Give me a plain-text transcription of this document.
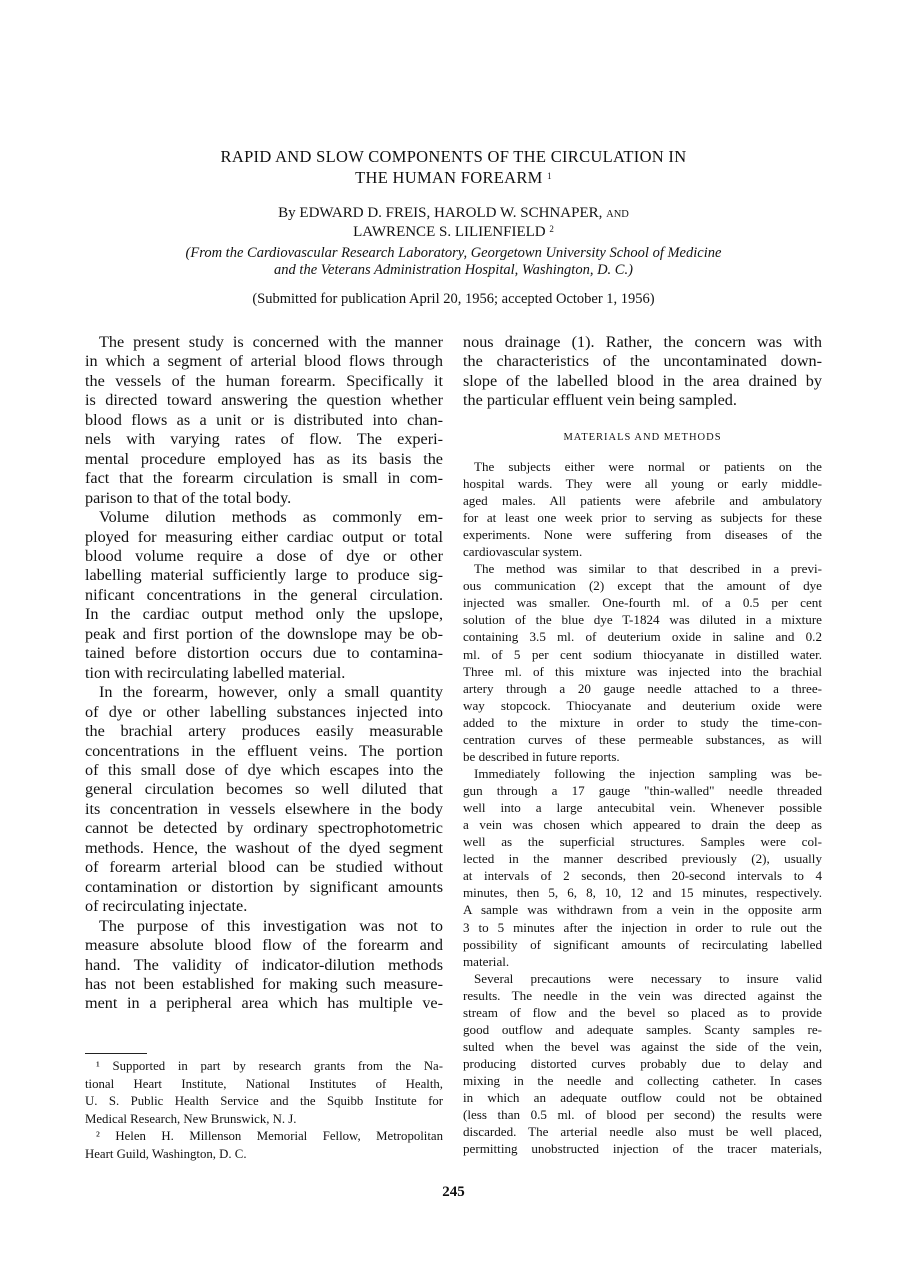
RAPID AND SLOW COMPONENTS OF THE CIRCULATION IN
THE HUMAN FOREARM $^1$
By EDWARD D. FREIS, HAROLD W. SCHNAPER, AND
LAWRENCE S. LILIENFIELD $^2$
(From the Cardiovascular Research Laboratory, Georgetown University School of Medicine
and the Veterans Administration Hospital, Washington, D. C.)
(Submitted for publication April 20, 1956; accepted October 1, 1956)
The present study is concerned with the manner
in which a segment of arterial blood flows through
the vessels of the human forearm. Specifically it
is directed toward answering the question whether
blood flows as a unit or is distributed into chan-
nels with varying rates of flow. The experi-
mental procedure employed has as its basis the
fact that the forearm circulation is small in com-
parison to that of the total body.
Volume dilution methods as commonly em-
ployed for measuring either cardiac output or total
blood volume require a dose of dye or other
labelling material sufficiently large to produce sig-
nificant concentrations in the general circulation.
In the cardiac output method only the upslope,
peak and first portion of the downslope may be ob-
tained before distortion occurs due to contamina-
tion with recirculating labelled material.
In the forearm, however, only a small quantity
of dye or other labelling substances injected into
the brachial artery produces easily measurable
concentrations in the effluent veins. The portion
of this small dose of dye which escapes into the
general circulation becomes so well diluted that
its concentration in vessels elsewhere in the body
cannot be detected by ordinary spectrophotometric
methods. Hence, the washout of the dyed segment
of forearm arterial blood can be studied without
contamination or distortion by significant amounts
of recirculating injectate.
The purpose of this investigation was not to
measure absolute blood flow of the forearm and
hand. The validity of indicator-dilution methods
has not been established for making such measure-
ment in a peripheral area which has multiple ve-
¹ Supported in part by research grants from the Na-
tional Heart Institute, National Institutes of Health,
U. S. Public Health Service and the Squibb Institute for
Medical Research, New Brunswick, N. J.
² Helen H. Millenson Memorial Fellow, Metropolitan
Heart Guild, Washington, D. C.
nous drainage (1). Rather, the concern was with
the characteristics of the uncontaminated down-
slope of the labelled blood in the area drained by
the particular effluent vein being sampled.
MATERIALS AND METHODS
The subjects either were normal or patients on the
hospital wards. They were all young or early middle-
aged males. All patients were afebrile and ambulatory
for at least one week prior to serving as subjects for these
experiments. None were suffering from diseases of the
cardiovascular system.
The method was similar to that described in a previ-
ous communication (2) except that the amount of dye
injected was smaller. One-fourth ml. of a 0.5 per cent
solution of the blue dye T-1824 was diluted in a mixture
containing 3.5 ml. of deuterium oxide in saline and 0.2
ml. of 5 per cent sodium thiocyanate in distilled water.
Three ml. of this mixture was injected into the brachial
artery through a 20 gauge needle attached to a three-
way stopcock. Thiocyanate and deuterium oxide were
added to the mixture in order to study the time-con-
centration curves of these permeable substances, as will
be described in future reports.
Immediately following the injection sampling was be-
gun through a 17 gauge "thin-walled" needle threaded
well into a large antecubital vein. Whenever possible
a vein was chosen which appeared to drain the deep as
well as the superficial structures. Samples were col-
lected in the manner described previously (2), usually
at intervals of 2 seconds, then 20-second intervals to 4
minutes, then 5, 6, 8, 10, 12 and 15 minutes, respectively.
A sample was withdrawn from a vein in the opposite arm
3 to 5 minutes after the injection in order to rule out the
possibility of significant amounts of recirculating labelled
material.
Several precautions were necessary to insure valid
results. The needle in the vein was directed against the
stream of flow and the bevel so placed as to provide
good outflow and adequate samples. Scanty samples re-
sulted when the bevel was against the side of the vein,
producing distorted curves probably due to delay and
mixing in the needle and collecting catheter. In cases
in which an adequate outflow could not be obtained
(less than 0.5 ml. of blood per second) the results were
discarded. The arterial needle also must be well placed,
permitting unobstructed injection of the tracer materials,
245
